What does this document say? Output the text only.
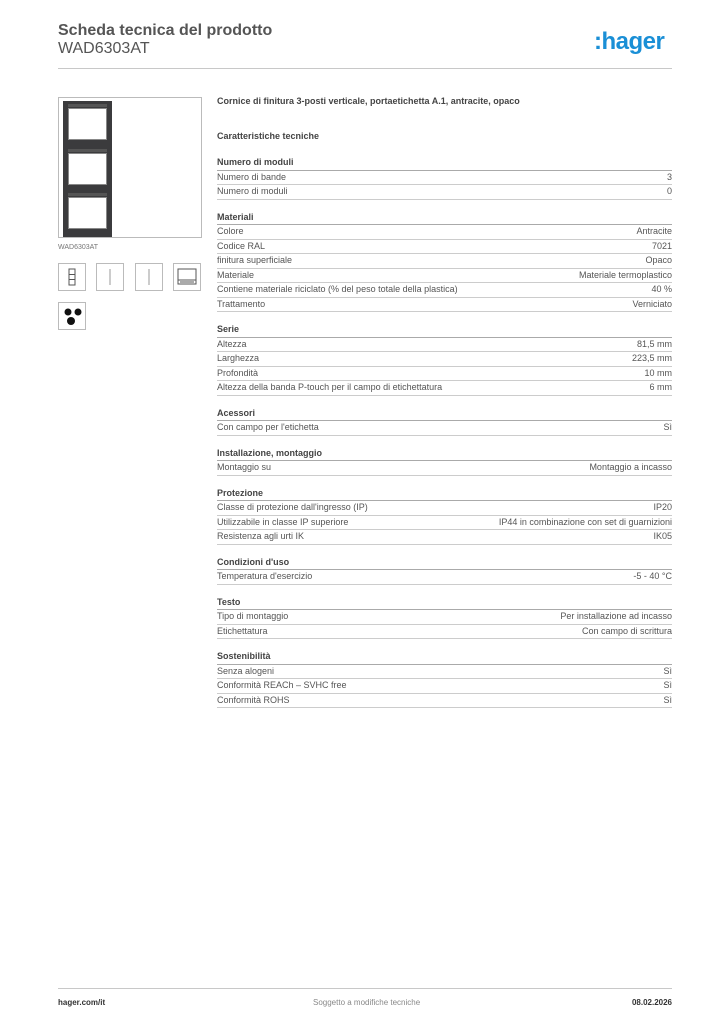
Scheda tecnica del prodotto
WAD6303AT	:hager
WAD6303AT
Cornice di finitura 3-posti verticale, portaetichetta A.1, antracite, opaco
Caratteristiche tecniche
Numero di moduli
Numero di bande	3
Numero di moduli	0
Materiali
Colore	Antracite
Codice RAL	7021
finitura superficiale	Opaco
Materiale	Materiale termoplastico
Contiene materiale riciclato (% del peso totale della plastica)	40 %
Trattamento	Verniciato
Serie
Altezza	81,5 mm
Larghezza	223,5 mm
Profondità	10 mm
Altezza della banda P-touch per il campo di etichettatura	6 mm
Acessori
Con campo per l'etichetta	Sì
Installazione, montaggio
Montaggio su	Montaggio a incasso
Protezione
Classe di protezione dall'ingresso (IP)	IP20
Utilizzabile in classe IP superiore	IP44 in combinazione con set di guarnizioni
Resistenza agli urti IK	IK05
Condizioni d'uso
Temperatura d'esercizio	-5 - 40 °C
Testo
Tipo di montaggio	Per installazione ad incasso
Etichettatura	Con campo di scrittura
Sostenibilità
Senza alogeni	Sì
Conformità REACh – SVHC free	Sì
Conformità ROHS	Sì
hager.com/it	Soggetto a modifiche tecniche	08.02.2026
